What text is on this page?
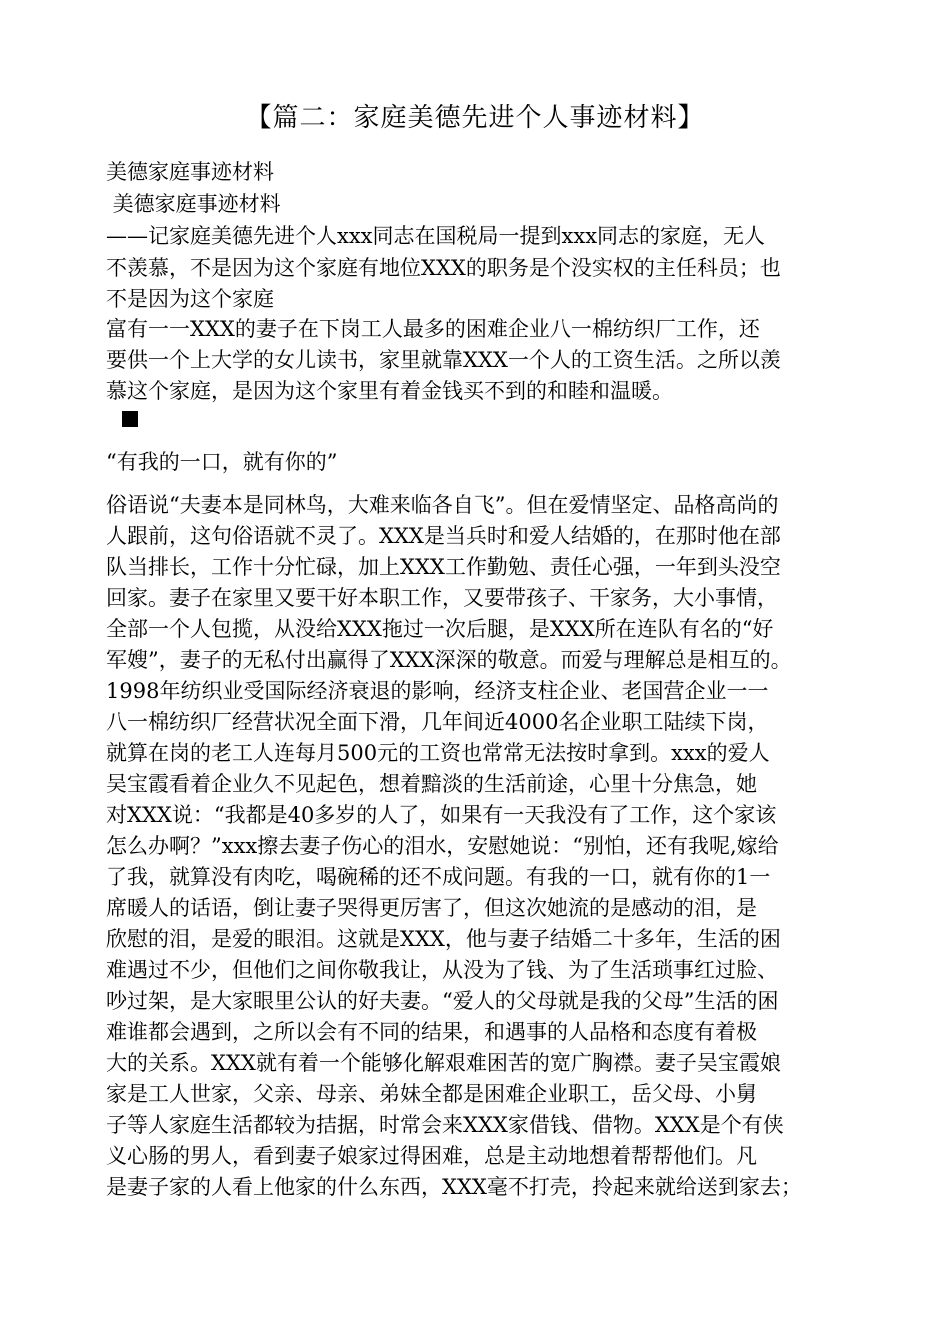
【篇二：家庭美德先进个人事迹材料】
美德家庭事迹材料
美德家庭事迹材料
——记家庭美德先进个人xxx同志在国税局一提到xxx同志的家庭，无人
不羡慕，不是因为这个家庭有地位XXX的职务是个没实权的主任科员；也
不是因为这个家庭
富有一一XXX的妻子在下岗工人最多的困难企业八一棉纺织厂工作，还
要供一个上大学的女儿读书，家里就靠XXX一个人的工资生活。之所以羡
慕这个家庭，是因为这个家里有着金钱买不到的和睦和温暖。
“有我的一口，就有你的”
俗语说“夫妻本是同林鸟，大难来临各自飞”。但在爱情坚定、品格高尚的
人跟前，这句俗语就不灵了。XXX是当兵时和爱人结婚的，在那时他在部
队当排长，工作十分忙碌，加上XXX工作勤勉、责任心强，一年到头没空
回家。妻子在家里又要干好本职工作，又要带孩子、干家务，大小事情，
全部一个人包揽，从没给XXX拖过一次后腿，是XXX所在连队有名的“好
军嫂”，妻子的无私付出赢得了XXX深深的敬意。而爱与理解总是相互的。
1998年纺织业受国际经济衰退的影响，经济支柱企业、老国营企业一一
八一棉纺织厂经营状况全面下滑，几年间近4000名企业职工陆续下岗，
就算在岗的老工人连每月500元的工资也常常无法按时拿到。xxx的爱人
吴宝霞看着企业久不见起色，想着黯淡的生活前途，心里十分焦急，她
对XXX说：“我都是40多岁的人了，如果有一天我没有了工作，这个家该
怎么办啊？”xxx擦去妻子伤心的泪水，安慰她说：“别怕，还有我呢,嫁给
了我，就算没有肉吃，喝碗稀的还不成问题。有我的一口，就有你的1一
席暖人的话语，倒让妻子哭得更厉害了，但这次她流的是感动的泪，是
欣慰的泪，是爱的眼泪。这就是XXX，他与妻子结婚二十多年，生活的困
难遇过不少，但他们之间你敬我让，从没为了钱、为了生活琐事红过脸、
吵过架，是大家眼里公认的好夫妻。“爱人的父母就是我的父母”生活的困
难谁都会遇到，之所以会有不同的结果，和遇事的人品格和态度有着极
大的关系。XXX就有着一个能够化解艰难困苦的宽广胸襟。妻子吴宝霞娘
家是工人世家，父亲、母亲、弟妹全都是困难企业职工，岳父母、小舅
子等人家庭生活都较为拮据，时常会来XXX家借钱、借物。XXX是个有侠
义心肠的男人，看到妻子娘家过得困难，总是主动地想着帮帮他们。凡
是妻子家的人看上他家的什么东西，XXX毫不打壳，拎起来就给送到家去；
